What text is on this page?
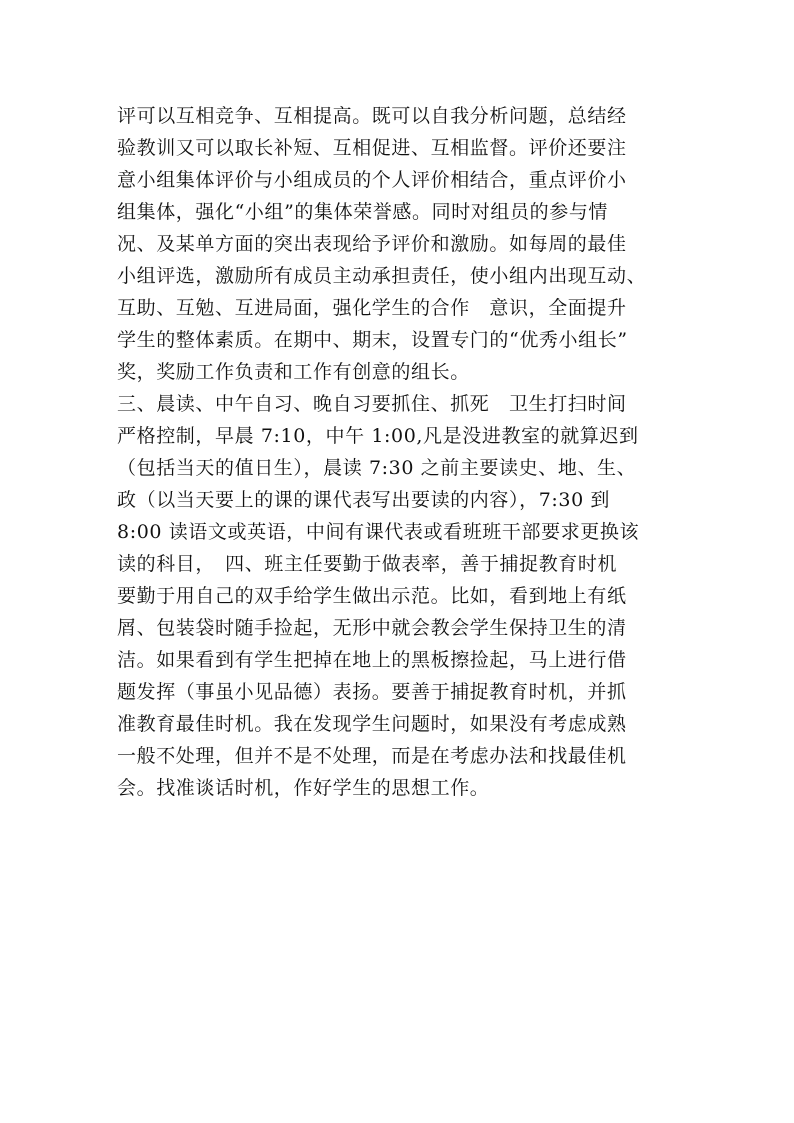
评可以互相竞争、互相提高。既可以自我分析问题，总结经
验教训又可以取长补短、互相促进、互相监督。评价还要注
意小组集体评价与小组成员的个人评价相结合，重点评价小
组集体，强化“小组”的集体荣誉感。同时对组员的参与情
况、及某单方面的突出表现给予评价和激励。如每周的最佳
小组评选，激励所有成员主动承担责任，使小组内出现互动、
互助、互勉、互进局面，强化学生的合作　意识，全面提升
学生的整体素质。在期中、期末，设置专门的“优秀小组长”
奖，奖励工作负责和工作有创意的组长。
三、晨读、中午自习、晚自习要抓住、抓死　卫生打扫时间
严格控制，早晨 7:10，中午 1:00,凡是没进教室的就算迟到
（包括当天的值日生），晨读 7:30 之前主要读史、地、生、
政（以当天要上的课的课代表写出要读的内容），7:30 到
8:00 读语文或英语，中间有课代表或看班班干部要求更换该
读的科目，　四、班主任要勤于做表率，善于捕捉教育时机
要勤于用自己的双手给学生做出示范。比如，看到地上有纸
屑、包装袋时随手捡起，无形中就会教会学生保持卫生的清
洁。如果看到有学生把掉在地上的黑板擦捡起，马上进行借
题发挥（事虽小见品德）表扬。要善于捕捉教育时机，并抓
准教育最佳时机。我在发现学生问题时，如果没有考虑成熟
一般不处理，但并不是不处理，而是在考虑办法和找最佳机
会。找准谈话时机，作好学生的思想工作。
